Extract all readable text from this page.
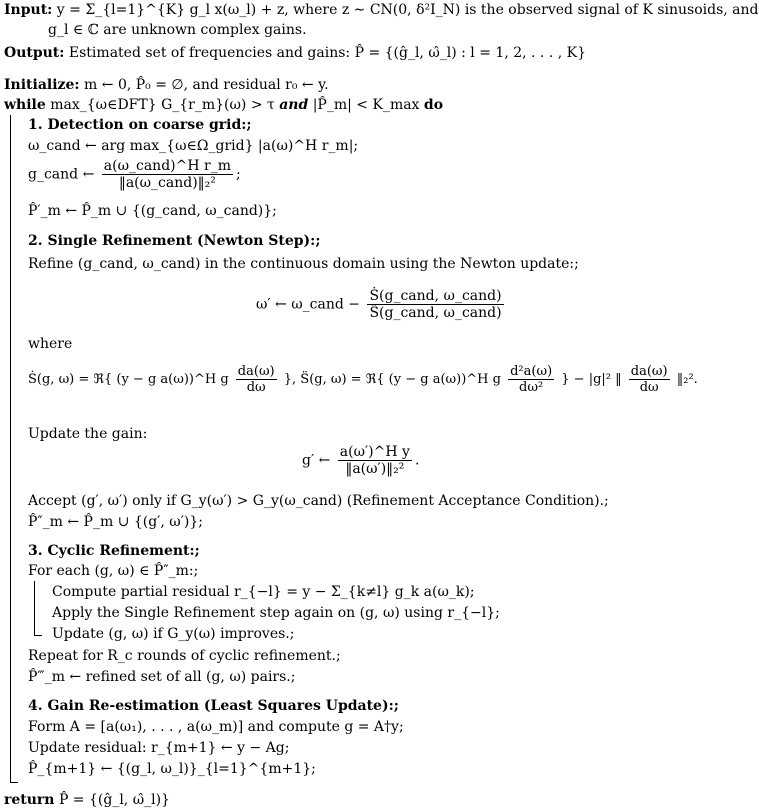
Input: y = Σ_{l=1}^{K} g_l x(ω_l) + z, where z ∼ CN(0, δ²I_N) is the observed signal of K sinusoids, and
g_l ∈ ℂ are unknown complex gains.
Output: Estimated set of frequencies and gains: P̂ = {(ĝ_l, ω̂_l) : l = 1, 2, . . . , K}
Initialize: m ← 0, P̂₀ = ∅, and residual r₀ ← y.
while max_{ω∈DFT} G_{r_m}(ω) > τ and |P̂_m| < K_max do
1. Detection on coarse grid:;
ω_cand ← arg max_{ω∈Ω_grid} |a(ω)^H r_m|;
g_cand ← $\frac{\text{a(ω\_cand)\textasciicircum{}H r\_m}}{\text{‖a(ω\_cand)‖₂²}}$ ;
P̂′_m ← P̂_m ∪ {(g_cand, ω_cand)};
2. Single Refinement (Newton Step):;
Refine (g_cand, ω_cand) in the continuous domain using the Newton update:;
ω′ ← ω_cand − $\frac{\text{Ṡ(g\_cand, ω\_cand)}}{\text{S̈(g\_cand, ω\_cand)}}$
where
Ṡ(g, ω) = ℜ{ (y − g a(ω))^H g $\frac{da(\omega)}{d\omega}$ }, S̈(g, ω) = ℜ{ (y − g a(ω))^H g $\frac{\text{d²a(ω)}}{\text{dω²}}$ } − |g|² ‖ $\frac{da(\omega)}{d\omega}$ ‖₂².
Update the gain:
g′ ← $\frac{\text{a(ω′)\textasciicircum{}H y}}{\text{‖a(ω′)‖₂²}}$ .
Accept (g′, ω′) only if G_y(ω′) > G_y(ω_cand) (Refinement Acceptance Condition).;
P̂″_m ← P̂_m ∪ {(g′, ω′)};
3. Cyclic Refinement:;
For each (g, ω) ∈ P̂″_m:;
Compute partial residual r_{−l} = y − Σ_{k≠l} g_k a(ω_k);
Apply the Single Refinement step again on (g, ω) using r_{−l};
Update (g, ω) if G_y(ω) improves.;
Repeat for R_c rounds of cyclic refinement.;
P̂‴_m ← refined set of all (g, ω) pairs.;
4. Gain Re-estimation (Least Squares Update):;
Form A = [a(ω₁), . . . , a(ω_m)] and compute g = A†y;
Update residual: r_{m+1} ← y − Ag;
P̂_{m+1} ← {(g_l, ω_l)}_{l=1}^{m+1};
return P̂ = {(ĝ_l, ω̂_l)}
